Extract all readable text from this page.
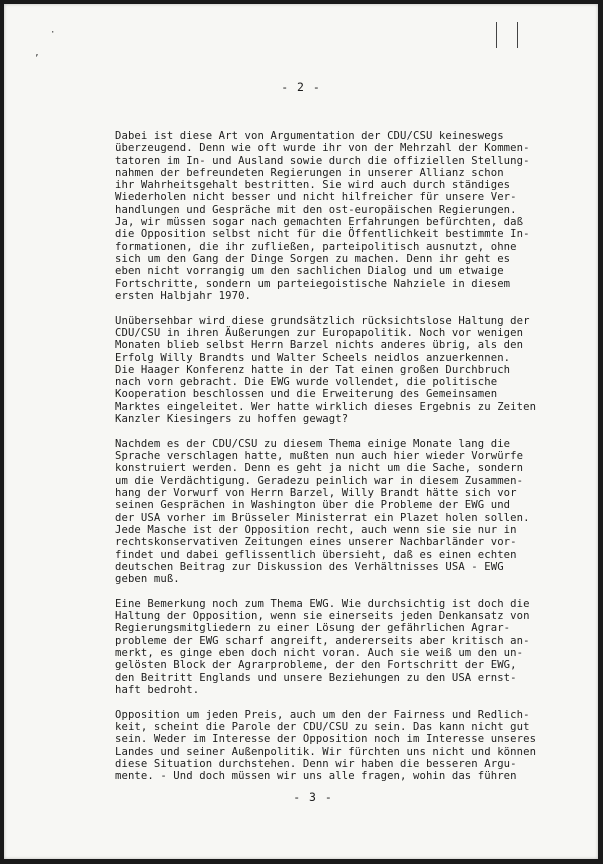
·
’
- 2 -
Dabei ist diese Art von Argumentation der CDU/CSU keineswegs
überzeugend. Denn wie oft wurde ihr von der Mehrzahl der Kommen-
tatoren im In- und Ausland sowie durch die offiziellen Stellung-
nahmen der befreundeten Regierungen in unserer Allianz schon
ihr Wahrheitsgehalt bestritten. Sie wird auch durch ständiges
Wiederholen nicht besser und nicht hilfreicher für unsere Ver-
handlungen und Gespräche mit den ost-europäischen Regierungen.
Ja, wir müssen sogar nach gemachten Erfahrungen befürchten, daß
die Opposition selbst nicht für die Öffentlichkeit bestimmte In-
formationen, die ihr zufließen, parteipolitisch ausnutzt, ohne
sich um den Gang der Dinge Sorgen zu machen. Denn ihr geht es
eben nicht vorrangig um den sachlichen Dialog und um etwaige
Fortschritte, sondern um parteiegoistische Nahziele in diesem
ersten Halbjahr 1970.
Unübersehbar wird diese grundsätzlich rücksichtslose Haltung der
CDU/CSU in ihren Äußerungen zur Europapolitik. Noch vor wenigen
Monaten blieb selbst Herrn Barzel nichts anderes übrig, als den
Erfolg Willy Brandts und Walter Scheels neidlos anzuerkennen.
Die Haager Konferenz hatte in der Tat einen großen Durchbruch
nach vorn gebracht. Die EWG wurde vollendet, die politische
Kooperation beschlossen und die Erweiterung des Gemeinsamen
Marktes eingeleitet. Wer hatte wirklich dieses Ergebnis zu Zeiten
Kanzler Kiesingers zu hoffen gewagt?
Nachdem es der CDU/CSU zu diesem Thema einige Monate lang die
Sprache verschlagen hatte, mußten nun auch hier wieder Vorwürfe
konstruiert werden. Denn es geht ja nicht um die Sache, sondern
um die Verdächtigung. Geradezu peinlich war in diesem Zusammen-
hang der Vorwurf von Herrn Barzel, Willy Brandt hätte sich vor
seinen Gesprächen in Washington über die Probleme der EWG und
der USA vorher im Brüsseler Ministerrat ein Plazet holen sollen.
Jede Masche ist der Opposition recht, auch wenn sie sie nur in
rechtskonservativen Zeitungen eines unserer Nachbarländer vor-
findet und dabei geflissentlich übersieht, daß es einen echten
deutschen Beitrag zur Diskussion des Verhältnisses USA - EWG
geben muß.
Eine Bemerkung noch zum Thema EWG. Wie durchsichtig ist doch die
Haltung der Opposition, wenn sie einerseits jeden Denkansatz von
Regierungsmitgliedern zu einer Lösung der gefährlichen Agrar-
probleme der EWG scharf angreift, andererseits aber kritisch an-
merkt, es ginge eben doch nicht voran. Auch sie weiß um den un-
gelösten Block der Agrarprobleme, der den Fortschritt der EWG,
den Beitritt Englands und unsere Beziehungen zu den USA ernst-
haft bedroht.
Opposition um jeden Preis, auch um den der Fairness und Redlich-
keit, scheint die Parole der CDU/CSU zu sein. Das kann nicht gut
sein. Weder im Interesse der Opposition noch im Interesse unseres
Landes und seiner Außenpolitik. Wir fürchten uns nicht und können
diese Situation durchstehen. Denn wir haben die besseren Argu-
mente. - Und doch müssen wir uns alle fragen, wohin das führen
- 3 -
